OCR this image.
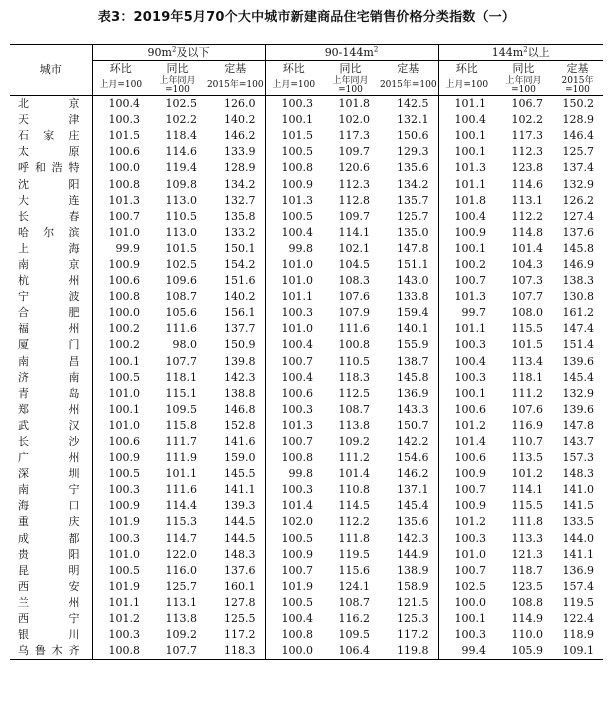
表3：2019年5月70个大中城市新建商品住宅销售价格分类指数（一）
城市	$90m^2$及以下			$90-144m^2$			$144m^2$以上		
	环比	同比	定基	环比	同比	定基	环比	同比	定基
	上月=100	上年同月=100	2015年=100	上月=100	上年同月=100	2015年=100	上月=100	上年同月=100	2015年=100
北　京	100.4	102.5	126.0	100.3	101.8	142.5	101.1	106.7	150.2
天　津	100.3	102.2	140.2	100.1	102.0	132.1	100.4	102.2	128.9
石家庄	101.5	118.4	146.2	101.5	117.3	150.6	100.1	117.3	146.4
太　原	100.6	114.6	133.9	100.5	109.7	129.3	100.1	112.3	125.7
呼和浩特	100.0	119.4	128.9	100.8	120.6	135.6	101.3	123.8	137.4
沈　阳	100.8	109.8	134.2	100.9	112.3	134.2	101.1	114.6	132.9
大　连	101.3	113.0	132.7	101.3	112.8	135.7	101.8	113.1	126.2
长　春	100.7	110.5	135.8	100.5	109.7	125.7	100.4	112.2	127.4
哈尔滨	101.0	113.0	133.2	100.4	114.1	135.0	100.9	114.8	137.6
上　海	99.9	101.5	150.1	99.8	102.1	147.8	100.1	101.4	145.8
南　京	100.9	102.5	154.2	101.0	104.5	151.1	100.2	104.3	146.9
杭　州	100.6	109.6	151.6	101.0	108.3	143.0	100.7	107.3	138.3
宁　波	100.8	108.7	140.2	101.1	107.6	133.8	101.3	107.7	130.8
合　肥	100.0	105.6	156.1	100.3	107.9	159.4	99.7	108.0	161.2
福　州	100.2	111.6	137.7	101.0	111.6	140.1	101.1	115.5	147.4
厦　门	100.2	98.0	150.9	100.4	100.8	155.9	100.3	101.5	151.4
南　昌	100.1	107.7	139.8	100.7	110.5	138.7	100.4	113.4	139.6
济　南	100.5	118.1	142.3	100.4	118.3	145.8	100.3	118.1	145.4
青　岛	101.0	115.1	138.8	100.6	112.5	136.9	100.1	111.2	132.9
郑　州	100.1	109.5	146.8	100.3	108.7	143.3	100.6	107.6	139.6
武　汉	101.0	115.8	152.8	101.3	113.8	150.7	101.2	116.9	147.8
长　沙	100.6	111.7	141.6	100.7	109.2	142.2	101.4	110.7	143.7
广　州	100.9	111.9	159.0	100.8	111.2	154.6	100.6	113.5	157.3
深　圳	100.5	101.1	145.5	99.8	101.4	146.2	100.9	101.2	148.3
南　宁	100.3	111.6	141.1	100.3	110.8	137.1	100.7	114.1	141.0
海　口	100.9	114.4	139.3	101.4	114.5	145.4	100.9	115.5	141.5
重　庆	101.9	115.3	144.5	102.0	112.2	135.6	101.2	111.8	133.5
成　都	100.3	114.7	144.5	100.5	111.8	142.3	100.3	113.3	144.0
贵　阳	101.0	122.0	148.3	100.9	119.5	144.9	101.0	121.3	141.1
昆　明	100.5	116.0	137.6	100.7	115.6	138.9	100.7	118.7	136.9
西　安	101.9	125.7	160.1	101.9	124.1	158.9	102.5	123.5	157.4
兰　州	101.1	113.1	127.8	100.5	108.7	121.5	100.0	108.8	119.5
西　宁	101.2	113.8	125.5	100.4	116.2	125.3	100.1	114.9	122.4
银　川	100.3	109.2	117.2	100.8	109.5	117.2	100.3	110.0	118.9
乌鲁木齐	100.8	107.7	118.3	100.0	106.4	119.8	99.4	105.9	109.1
